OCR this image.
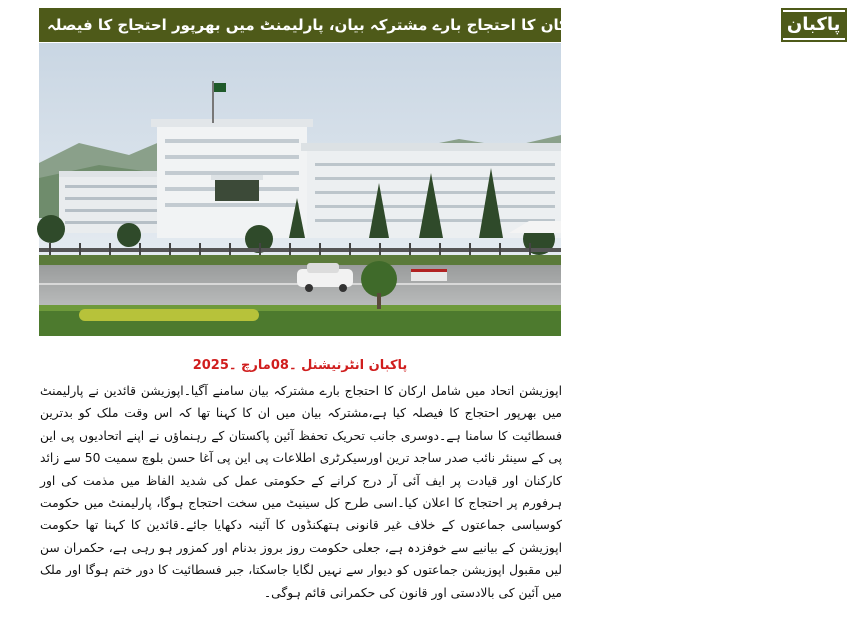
اپوزیشن اتحاد میں شامل ارکان کا احتجاج بارے مشترکہ بیان، پارلیمنٹ میں بھرپور احتجاج کا فیصلہ پاکبان
پاکبان انٹرنیشنل ۔08مارچ ۔2025

اپوزیشن اتحاد میں شامل ارکان کا احتجاج بارے مشترکہ بیان سامنے آگیا۔اپوزیشن قائدین نے پارلیمنٹ میں بھرپور احتجاج کا فیصلہ کیا ہے،مشترکہ بیان میں ان کا کہنا تھا کہ اس وقت ملک کو بدترین فسطائیت کا سامنا ہے۔دوسری جانب تحریک تحفظ آئین پاکستان کے رہنماؤں نے اپنے اتحادیوں پی این پی کے سینئر نائب صدر ساجد ترین اورسیکرٹری اطلاعات پی این پی آغا حسن بلوچ سمیت 50 سے زائد کارکنان اور قیادت پر ایف آئی آر درج کرانے کے حکومتی عمل کی شدید الفاظ میں مذمت کی اور ہرفورم پر احتجاج کا اعلان کیا۔اسی طرح کل سینیٹ میں سخت احتجاج ہوگا، پارلیمنٹ میں حکومت کوسیاسی جماعتوں کے خلاف غیر قانونی ہتھکنڈوں کا آئینہ دکھایا جائے۔قائدین کا کہنا تھا حکومت اپوزیشن کے بیانیے سے خوفزدہ ہے، جعلی حکومت روز بروز بدنام اور کمزور ہو رہی ہے، حکمران سن لیں مقبول اپوزیشن جماعتوں کو دیوار سے نہیں لگایا جاسکتا، جبر فسطائیت کا دور ختم ہوگا اور ملک میں آئین کی بالادستی اور قانون کی حکمرانی قائم ہوگی۔
